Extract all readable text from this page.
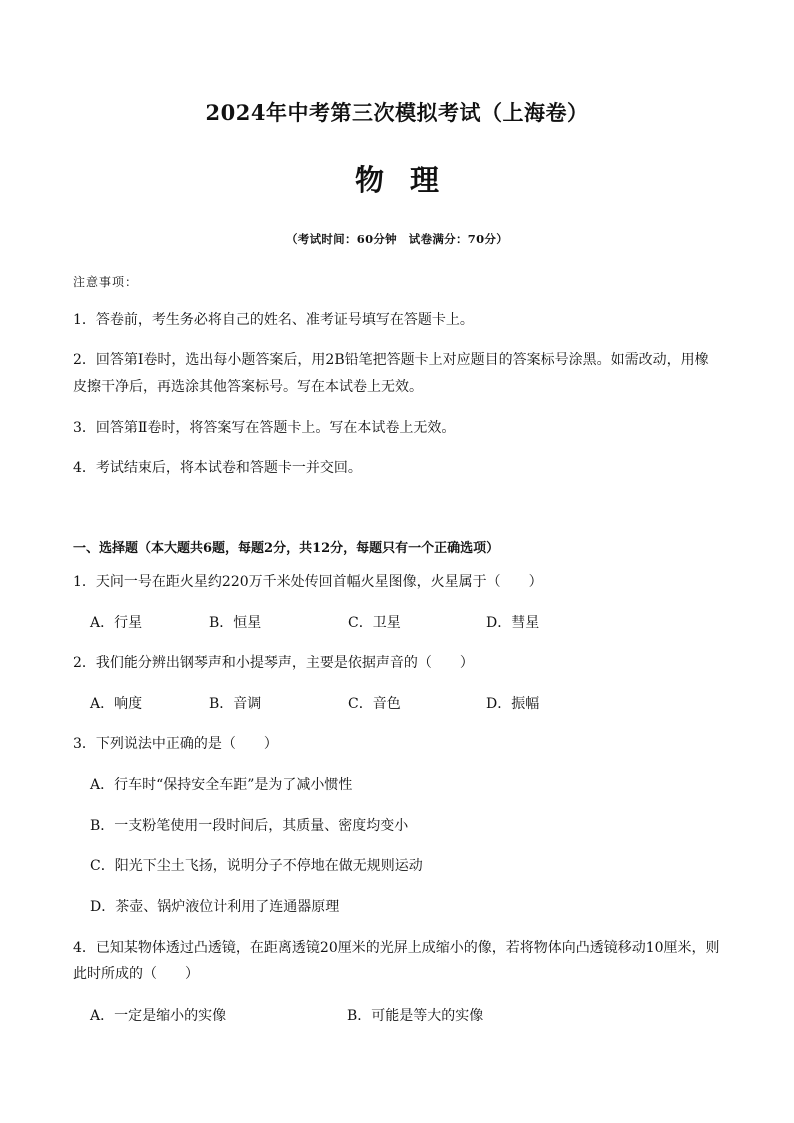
2024年中考第三次模拟考试（上海卷）
物理
（考试时间：60分钟　试卷满分：70分）
注意事项：
1．答卷前，考生务必将自己的姓名、准考证号填写在答题卡上。
2．回答第Ⅰ卷时，选出每小题答案后，用2B铅笔把答题卡上对应题目的答案标号涂黑。如需改动，用橡
皮擦干净后，再选涂其他答案标号。写在本试卷上无效。
3．回答第Ⅱ卷时，将答案写在答题卡上。写在本试卷上无效。
4．考试结束后，将本试卷和答题卡一并交回。
一、选择题（本大题共6题，每题2分，共12分，每题只有一个正确选项）
1．天问一号在距火星约220万千米处传回首幅火星图像，火星属于（　　）
A．行星	B．恒星	C．卫星	D．彗星
2．我们能分辨出钢琴声和小提琴声，主要是依据声音的（　　）
A．响度	B．音调	C．音色	D．振幅
3．下列说法中正确的是（　　）
A．行车时“保持安全车距”是为了减小惯性
B．一支粉笔使用一段时间后，其质量、密度均变小
C．阳光下尘土飞扬，说明分子不停地在做无规则运动
D．茶壶、锅炉液位计利用了连通器原理
4．已知某物体透过凸透镜，在距离透镜20厘米的光屏上成缩小的像，若将物体向凸透镜移动10厘米，则
此时所成的（　　）
A．一定是缩小的实像	B．可能是等大的实像
